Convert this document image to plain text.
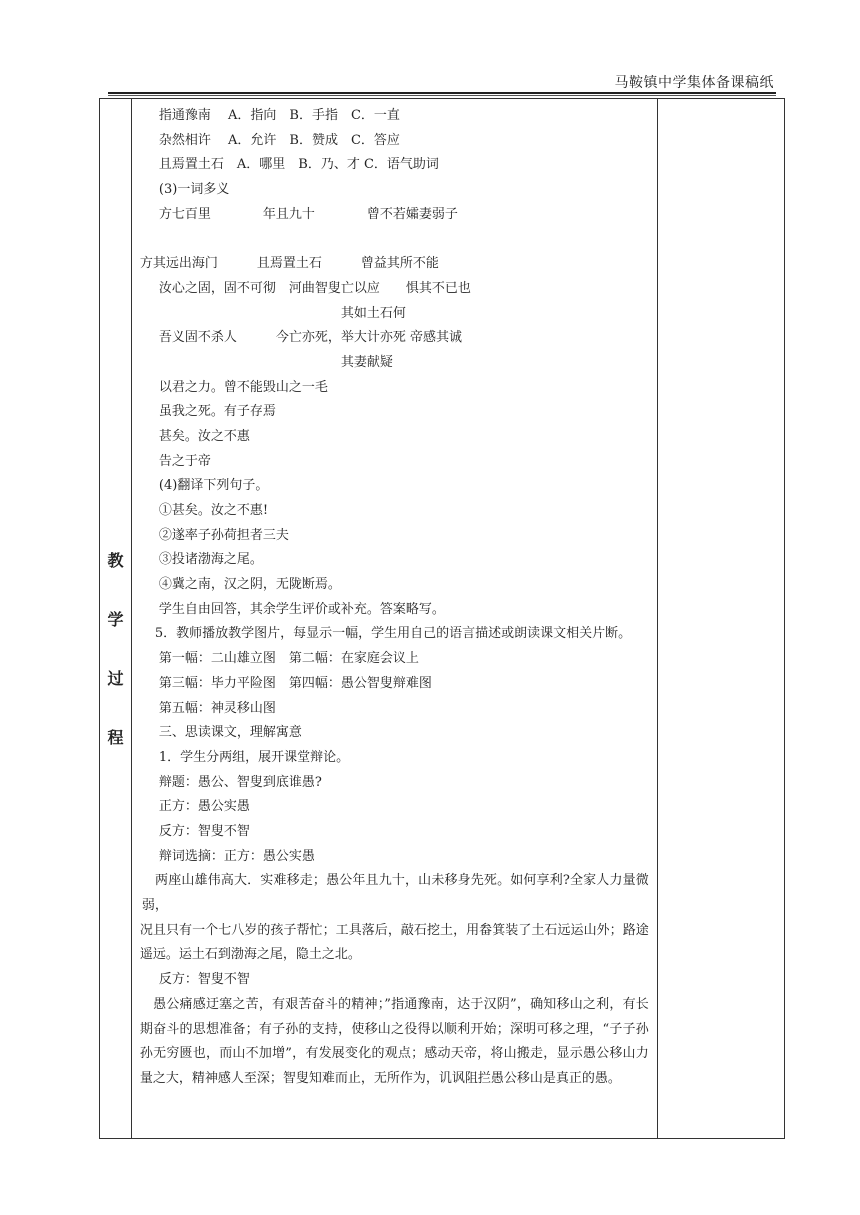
马鞍镇中学集体备课稿纸
教
学
过
程

指通豫南　 A．指向　B．手指　C．一直
杂然相许　 A．允许　B．赞成　C．答应
且焉置土石　A．哪里　B．乃、才 C．语气助词
(3)一词多义
方七百里　　　　年且九十　　　　曾不若孀妻弱子
方其远出海门　　　且焉置土石　　　曾益其所不能
汝心之固，固不可彻　河曲智叟亡以应　　惧其不已也
　　　　　　　　　　　　　　其如土石何
吾义固不杀人　　　今亡亦死，举大计亦死 帝感其诚
　　　　　　　　　　　　　　其妻献疑
以君之力。曾不能毁山之一毛
虽我之死。有子存焉
甚矣。汝之不惠
告之于帝
(4)翻译下列句子。
①甚矣。汝之不惠!
②遂率子孙荷担者三夫
③投诸渤海之尾。
④冀之南，汉之阴，无陇断焉。
学生自由回答，其余学生评价或补充。答案略写。
　5．教师播放教学图片，每显示一幅，学生用自己的语言描述或朗读课文相关片断。
第一幅：二山雄立图　第二幅：在家庭会议上
第三幅：毕力平险图　第四幅：愚公智叟辩难图
第五幅：神灵移山图
三、思读课文，理解寓意
1．学生分两组，展开课堂辩论。
辩题：愚公、智叟到底谁愚?
正方：愚公实愚
反方：智叟不智
辩词选摘：正方：愚公实愚
　两座山雄伟高大．实难移走；愚公年且九十，山未移身先死。如何享利?全家人力量微弱，
况且只有一个七八岁的孩子帮忙；工具落后，敲石挖土，用畚箕装了土石远运山外；路途遥远。运土石到渤海之尾，隐土之北。
反方：智叟不智
　愚公痛感迂塞之苦，有艰苦奋斗的精神；”指通豫南，达于汉阴”，确知移山之利，有长期奋斗的思想准备；有子孙的支持，使移山之役得以顺利开始；深明可移之理，“子子孙孙无穷匮也，而山不加增”，有发展变化的观点；感动天帝，将山搬走，显示愚公移山力量之大，精神感人至深；智叟知难而止，无所作为，讥讽阻拦愚公移山是真正的愚。
